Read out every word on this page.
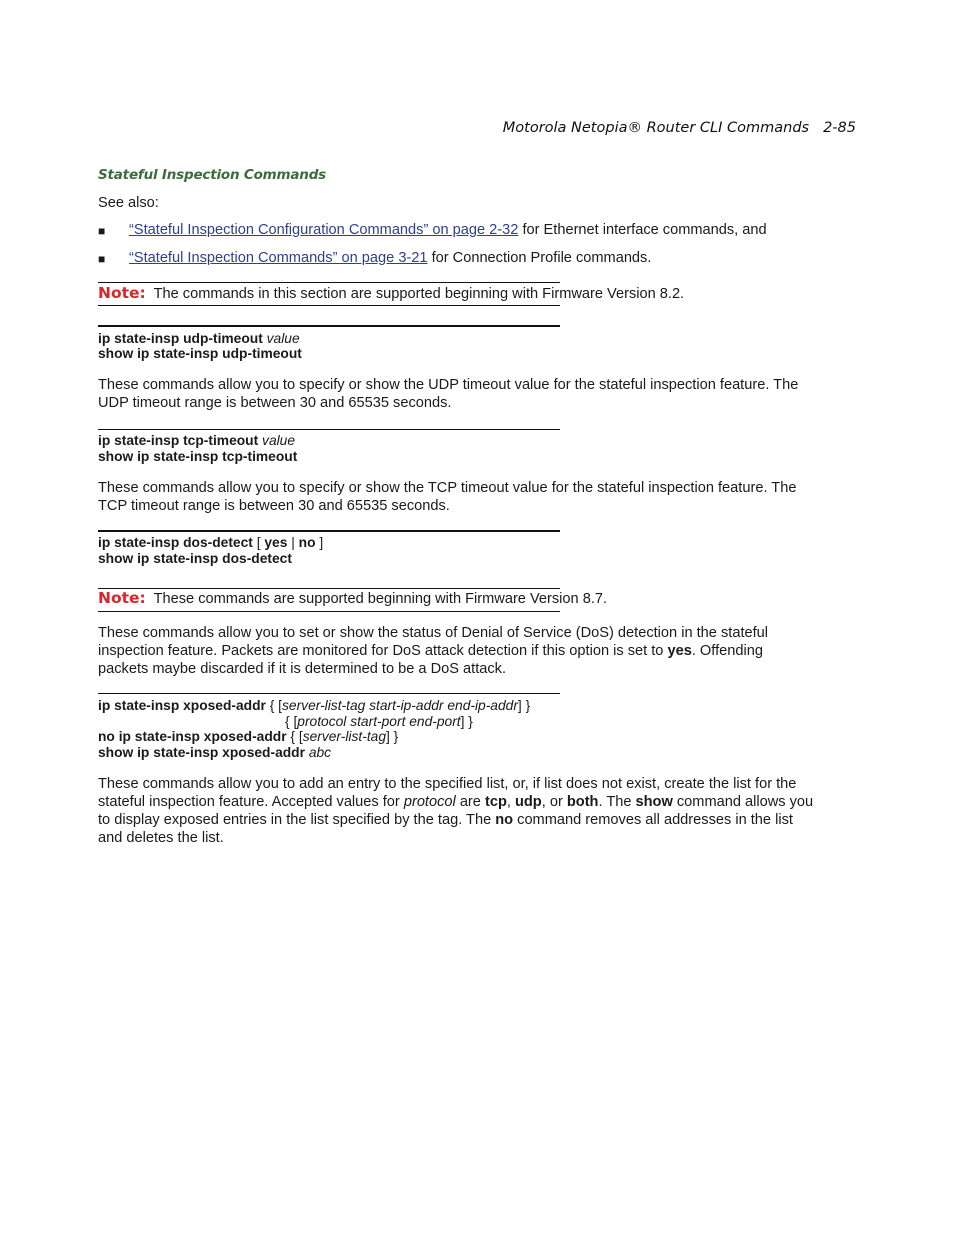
Motorola Netopia® Router CLI Commands 2-85
Stateful Inspection Commands
See also:
■ “Stateful Inspection Configuration Commands” on page 2-32 for Ethernet interface commands, and
■ “Stateful Inspection Commands” on page 3-21 for Connection Profile commands.
Note: The commands in this section are supported beginning with Firmware Version 8.2.
ip state-insp udp-timeout value
show ip state-insp udp-timeout
These commands allow you to specify or show the UDP timeout value for the stateful inspection feature. The
UDP timeout range is between 30 and 65535 seconds.
ip state-insp tcp-timeout value
show ip state-insp tcp-timeout
These commands allow you to specify or show the TCP timeout value for the stateful inspection feature. The
TCP timeout range is between 30 and 65535 seconds.
ip state-insp dos-detect [ yes | no ]
show ip state-insp dos-detect
Note: These commands are supported beginning with Firmware Version 8.7.
These commands allow you to set or show the status of Denial of Service (DoS) detection in the stateful
inspection feature. Packets are monitored for DoS attack detection if this option is set to yes. Offending
packets maybe discarded if it is determined to be a DoS attack.
ip state-insp xposed-addr { [server-list-tag start-ip-addr end-ip-addr] }
{ [protocol start-port end-port] }
no ip state-insp xposed-addr { [server-list-tag] }
show ip state-insp xposed-addr abc
These commands allow you to add an entry to the specified list, or, if list does not exist, create the list for the
stateful inspection feature. Accepted values for protocol are tcp, udp, or both. The show command allows you
to display exposed entries in the list specified by the tag. The no command removes all addresses in the list
and deletes the list.
